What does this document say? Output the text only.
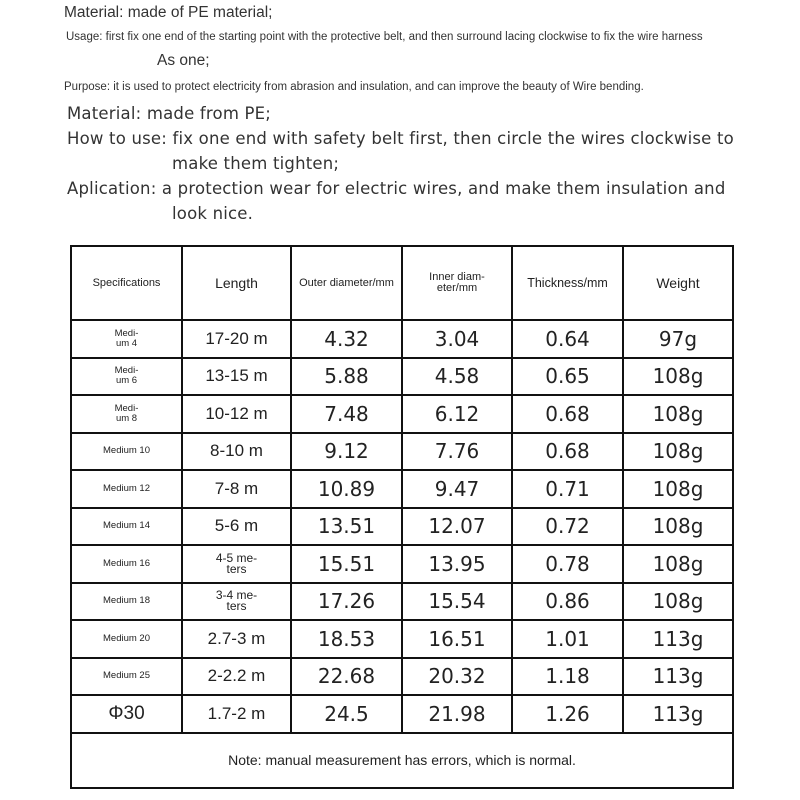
Material: made of PE material;
Usage: first fix one end of the starting point with the protective belt, and then surround lacing clockwise to fix the wire harness
As one;
Purpose: it is used to protect electricity from abrasion and insulation, and can improve the beauty of Wire bending.
Material: made from PE;
How to use: fix one end with safety belt first, then circle the wires clockwise to
make them tighten;
Aplication: a protection wear for electric wires, and make them insulation and
look nice.
Specifications	Length	Outer diameter/mm	Inner diam-
eter/mm	Thickness/mm	Weight
Medi-
um 4	17-20 m	4.32	3.04	0.64	97g
Medi-
um 6	13-15 m	5.88	4.58	0.65	108g
Medi-
um 8	10-12 m	7.48	6.12	0.68	108g
Medium 10	8-10 m	9.12	7.76	0.68	108g
Medium 12	7-8 m	10.89	9.47	0.71	108g
Medium 14	5-6 m	13.51	12.07	0.72	108g
Medium 16	4-5 me-
ters	15.51	13.95	0.78	108g
Medium 18	3-4 me-
ters	17.26	15.54	0.86	108g
Medium 20	2.7-3 m	18.53	16.51	1.01	113g
Medium 25	2-2.2 m	22.68	20.32	1.18	113g
Φ30	1.7-2 m	24.5	21.98	1.26	113g
Note: manual measurement has errors, which is normal.					
